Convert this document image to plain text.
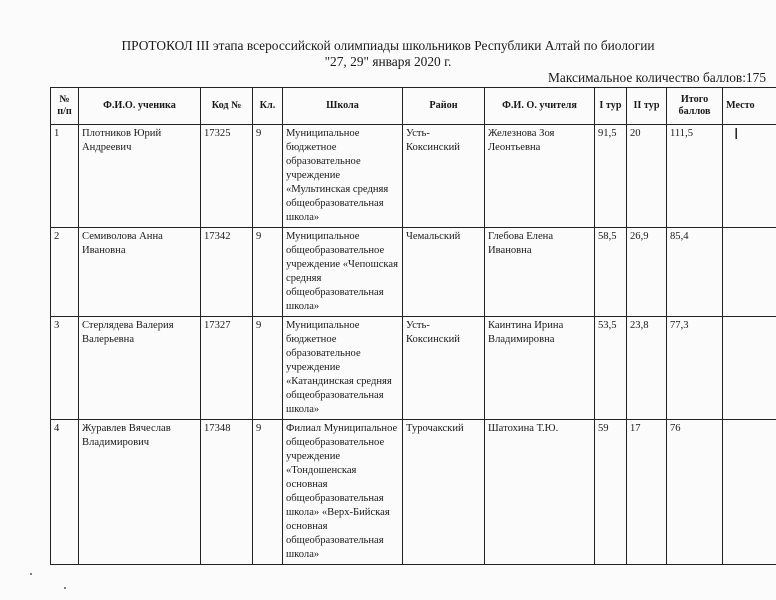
ПРОТОКОЛ III этапа всероссийской олимпиады школьников Республики Алтай по биологии
"27, 29" января 2020 г.
Максимальное количество баллов:175
№ п/п	Ф.И.О. ученика	Код №	Кл.	Школа	Район	Ф.И. О. учителя	I тур	II тур	Итого баллов	Место
1	Плотников Юрий Андреевич	17325	9	Муниципальное бюджетное образовательное учреждение «Мультинская средняя общеобразовательная школа»	Усть-Коксинский	Железнова Зоя Леонтьевна	91,5	20	111,5	I
2	Семиволова Анна Ивановна	17342	9	Муниципальное общеобразовательное учреждение «Чепошская средняя общеобразовательная школа»	Чемальский	Глебова Елена Ивановна	58,5	26,9	85,4	
3	Стерлядева Валерия Валерьевна	17327	9	Муниципальное бюджетное образовательное учреждение «Катандинская средняя общеобразовательная школа»	Усть-Коксинский	Каинтина Ирина Владимировна	53,5	23,8	77,3	
4	Журавлев Вячеслав Владимирович	17348	9	Филиал Муниципальное общеобразовательное учреждение «Тондошенская основная общеобразовательная школа» «Верх-Бийская основная общеобразовательная школа»	Турочакский	Шатохина Т.Ю.	59	17	76	
